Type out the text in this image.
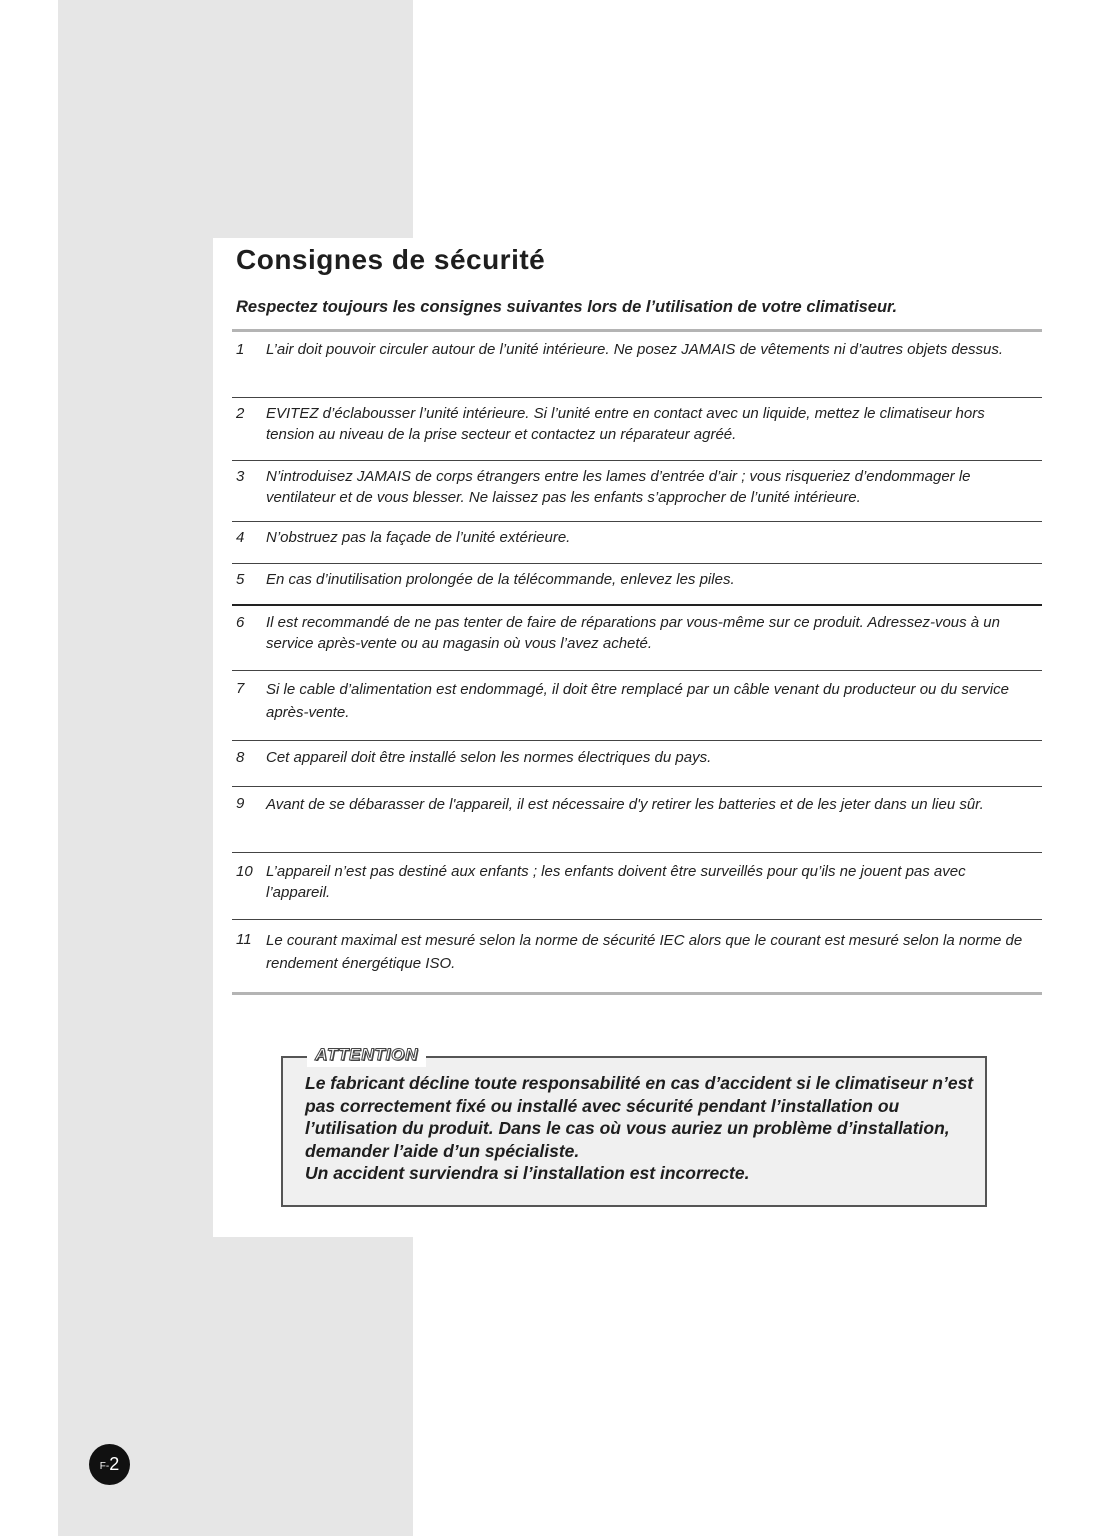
Consignes de sécurité

Respectez toujours les consignes suivantes lors de l’utilisation de votre climatiseur.

1 L’air doit pouvoir circuler autour de l’unité intérieure. Ne posez JAMAIS de vêtements ni d’autres objets dessus.
2 EVITEZ d’éclabousser l’unité intérieure. Si l’unité entre en contact avec un liquide, mettez le climatiseur hors tension au niveau de la prise secteur et contactez un réparateur agréé.
3 N’introduisez JAMAIS de corps étrangers entre les lames d’entrée d’air ; vous risqueriez d’endommager le ventilateur et de vous blesser. Ne laissez pas les enfants s’approcher de l’unité intérieure.
4 N’obstruez pas la façade de l’unité extérieure.
5 En cas d’inutilisation prolongée de la télécommande, enlevez les piles.
6 Il est recommandé de ne pas tenter de faire de réparations par vous-même sur ce produit. Adressez-vous à un service après-vente ou au magasin où vous l’avez acheté.
7 Si le cable d’alimentation est endommagé, il doit être remplacé par un câble venant du producteur ou du service après-vente.
8 Cet appareil doit être installé selon les normes électriques du pays.
9 Avant de se débarasser de l'appareil, il est nécessaire d'y retirer les batteries et de les jeter dans un lieu sûr.
10 L’appareil n’est pas destiné aux enfants ; les enfants doivent être surveillés pour qu’ils ne jouent pas avec l’appareil.
11 Le courant maximal est mesuré selon la norme de sécurité IEC alors que le courant est mesuré selon la norme de rendement énergétique ISO.
ATTENTION

Le fabricant décline toute responsabilité en cas d’accident si le climatiseur n’est pas correctement fixé ou installé avec sécurité pendant l’installation ou l’utilisation du produit. Dans le cas où vous auriez un problème d’installation, demander l’aide d’un spécialiste.
Un accident surviendra si l’installation est incorrecte.

F- 2
